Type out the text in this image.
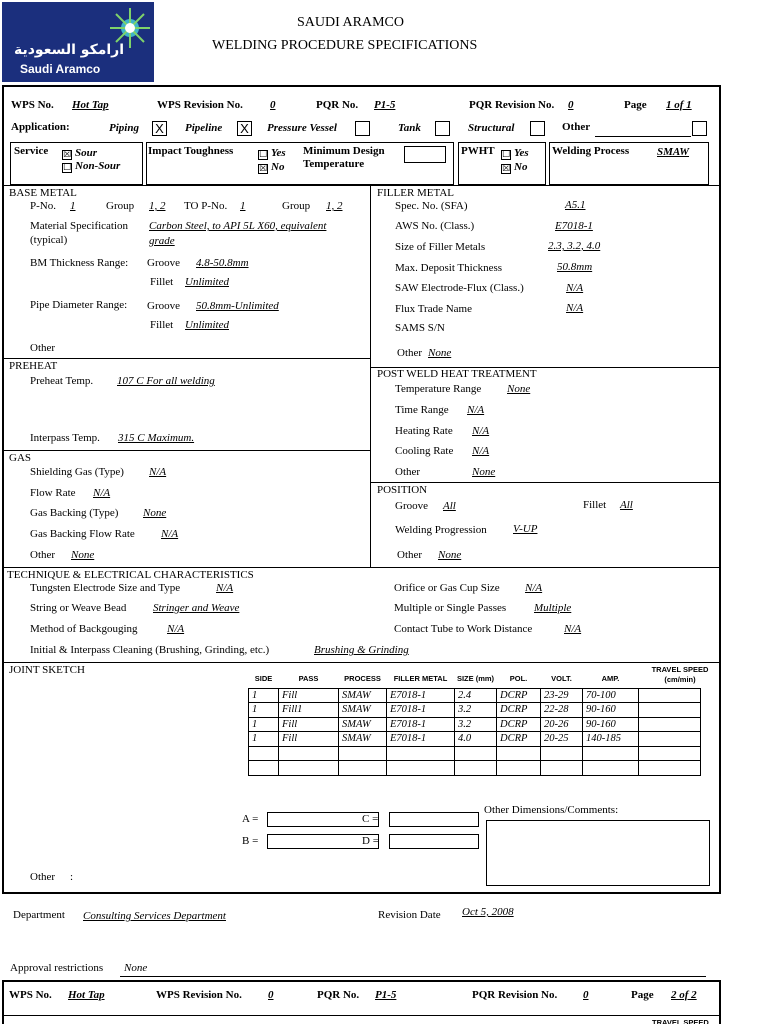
ارامكو السعودية
Saudi Aramco
SAUDI ARAMCO
WELDING PROCEDURE SPECIFICATIONS
WPS No. Hot Tap	WPS Revision No. 0	PQR No. P1-5	PQR Revision No. 0	Page 1 of 1
Application:	Piping X Pipeline X Pressure Vessel	Tank	Structural	Other
Service ☒ Sour
☐ Non-Sour
Impact Toughness	☐ Yes
☒ No
Minimum Design
Temperature
PWHT ☐ Yes
☒ No
Welding Process	SMAW
BASE METAL
P-No. 1	Group 1, 2 TO P-No. 1	Group 1, 2
Material Specification
(typical)
Carbon Steel, to API 5L X60, equivalent
grade
BM Thickness Range: Groove 4.8-50.8mm
Fillet Unlimited
Pipe Diameter Range: Groove 50.8mm-Unlimited
Fillet Unlimited
Other
FILLER METAL
Spec. No. (SFA)	A5.1
AWS No. (Class.)	E7018-1
Size of Filler Metals	2.3, 3.2, 4.0
Max. Deposit Thickness	50.8mm
SAW Electrode-Flux (Class.)	N/A
Flux Trade Name	N/A
SAMS S/N
Other None
PREHEAT
Preheat Temp. 107 C For all welding
Interpass Temp. 315 C Maximum.
POST WELD HEAT TREATMENT
Temperature Range None
Time Range N/A
Heating Rate N/A
Cooling Rate N/A
Other	None
GAS
Shielding Gas (Type) N/A
Flow Rate N/A
Gas Backing (Type) None
Gas Backing Flow Rate N/A
Other None
POSITION
Groove All	Fillet All
Welding Progression V-UP
Other None
TECHNIQUE & ELECTRICAL CHARACTERISTICS
Tungsten Electrode Size and Type	N/A
String or Weave Bead Stringer and Weave
Method of Backgouging	N/A
Initial & Interpass Cleaning (Brushing, Grinding, etc.)	Brushing & Grinding
Orifice or Gas Cup Size N/A
Multiple or Single Passes	Multiple
Contact Tube to Work Distance	N/A
JOINT SKETCH	TRAVEL SPEED
(cm/min)
SIDE	PASS	PROCESS	FILLER METAL	SIZE (mm)	POL.	VOLT.	AMP.	
1	Fill	SMAW	E7018-1	2.4	DCRP	23-29	70-100	
1	Fill1	SMAW	E7018-1	3.2	DCRP	22-28	90-160	
1	Fill	SMAW	E7018-1	3.2	DCRP	20-26	90-160	
1	Fill	SMAW	E7018-1	4.0	DCRP	20-25	140-185	

A =
B =
C =
D =
Other Dimensions/Comments:
Other :
Department Consulting Services Department	Revision Date Oct 5, 2008
Approval restrictions None
WPS No. Hot Tap	WPS Revision No. 0	PQR No. P1-5	PQR Revision No. 0	Page 2 of 2
TRAVEL SPEED
